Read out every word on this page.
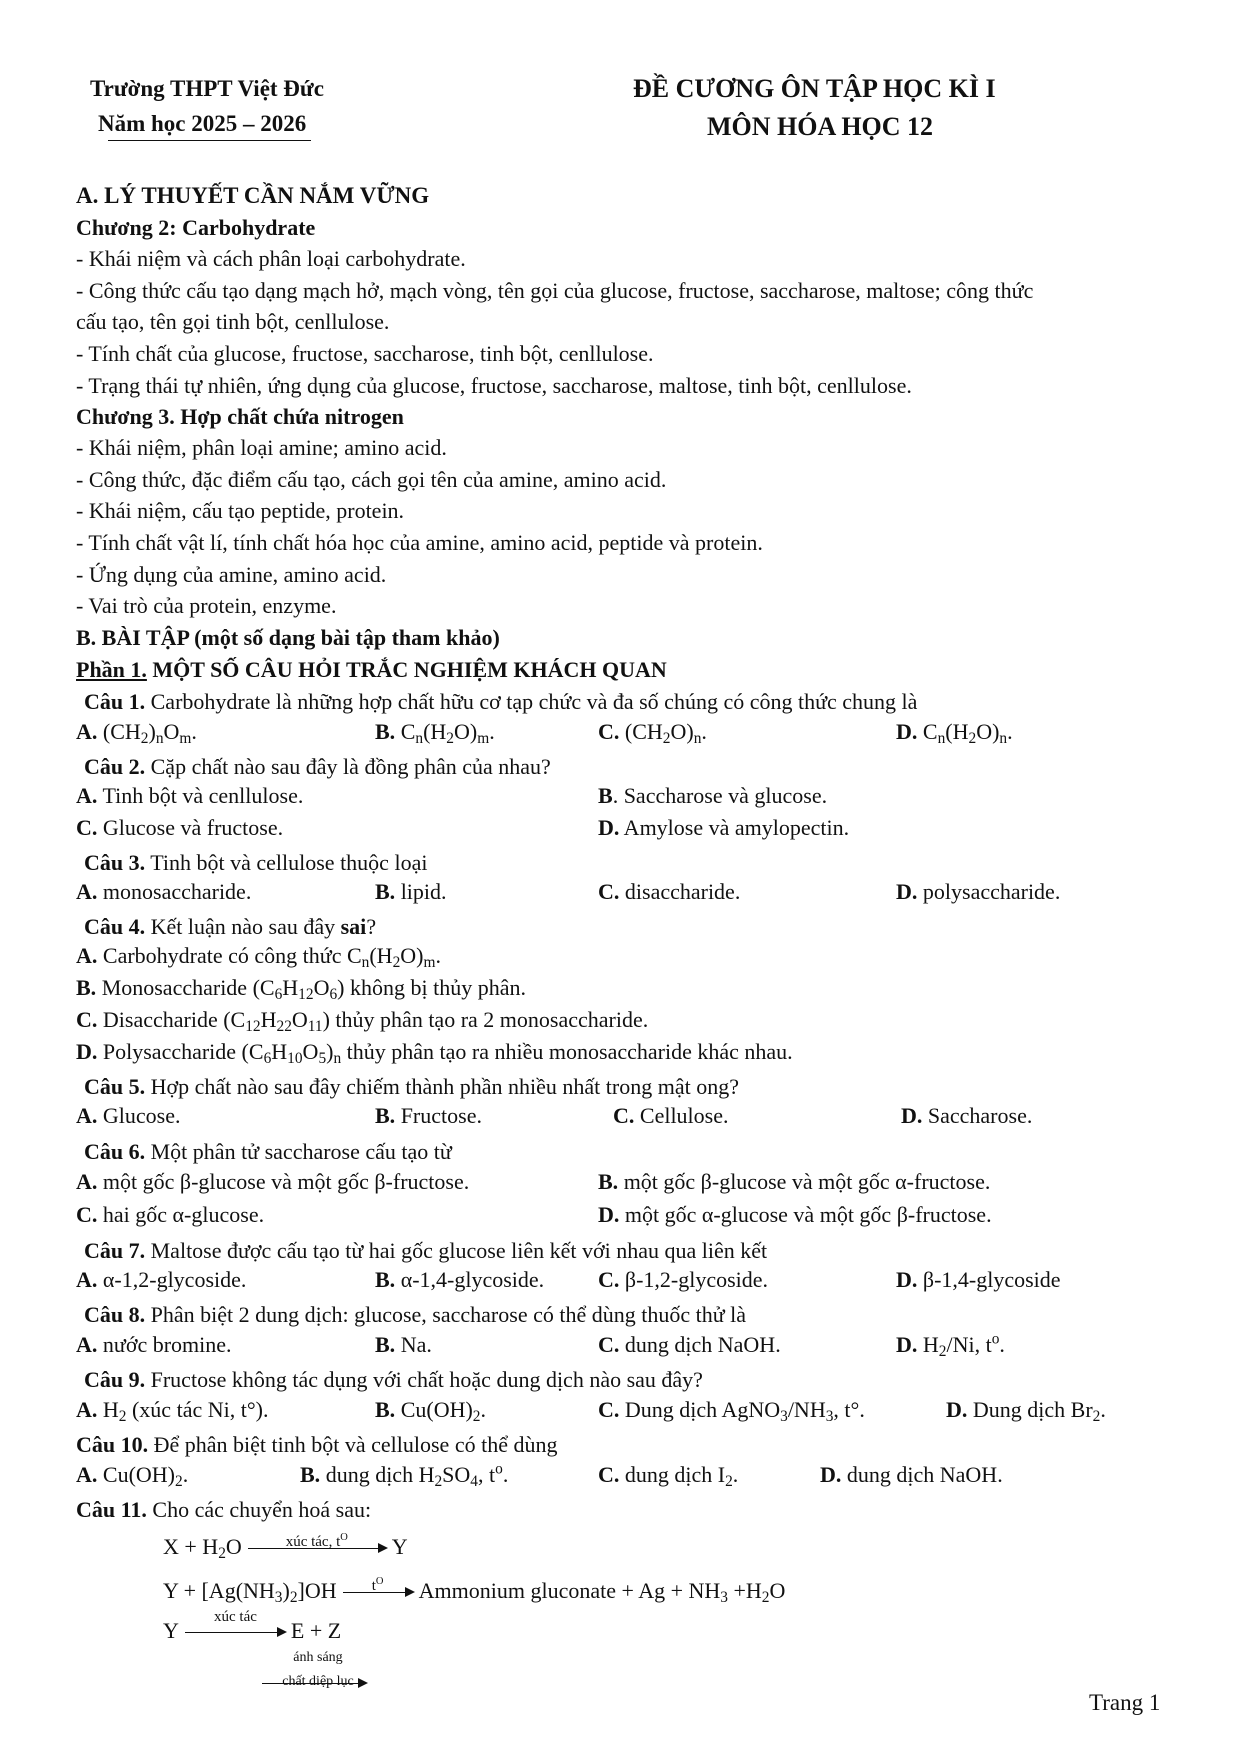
Trường THPT Việt Đức
Năm học 2025 – 2026
ĐỀ CƯƠNG ÔN TẬP HỌC KÌ I
MÔN HÓA HỌC 12
A. LÝ THUYẾT CẦN NẮM VỮNG
Chương 2: Carbohydrate
- Khái niệm và cách phân loại carbohydrate.
- Công thức cấu tạo dạng mạch hở, mạch vòng, tên gọi của glucose, fructose, saccharose, maltose; công thức
cấu tạo, tên gọi tinh bột, cenllulose.
- Tính chất của glucose, fructose, saccharose, tinh bột, cenllulose.
- Trạng thái tự nhiên, ứng dụng của glucose, fructose, saccharose, maltose, tinh bột, cenllulose.
Chương 3. Hợp chất chứa nitrogen
- Khái niệm, phân loại amine; amino acid.
- Công thức, đặc điểm cấu tạo, cách gọi tên của amine, amino acid.
- Khái niệm, cấu tạo peptide, protein.
- Tính chất vật lí, tính chất hóa học của amine, amino acid, peptide và protein.
- Ứng dụng của amine, amino acid.
- Vai trò của protein, enzyme.
B. BÀI TẬP (một số dạng bài tập tham khảo)
Phần 1. MỘT SỐ CÂU HỎI TRẮC NGHIỆM KHÁCH QUAN
Câu 1. Carbohydrate là những hợp chất hữu cơ tạp chức và đa số chúng có công thức chung là
A. $(CH_2)_nO_m$.	B. $C_n(H_2O)_m$.	C. $(CH_2O)_n$.	D. $C_n(H_2O)_n$.
Câu 2. Cặp chất nào sau đây là đồng phân của nhau?
A. Tinh bột và cenllulose.	B. Saccharose và glucose.
C. Glucose và fructose.	D. Amylose và amylopectin.
Câu 3. Tinh bột và cellulose thuộc loại
A. monosaccharide.	B. lipid.	C. disaccharide.	D. polysaccharide.
Câu 4. Kết luận nào sau đây sai?
A. Carbohydrate có công thức $C_n(H_2O)_m$.
B. Monosaccharide $(C_6H_{12}O_6)$ không bị thủy phân.
C. Disaccharide $(C_{12}H_{22}O_{11})$ thủy phân tạo ra 2 monosaccharide.
D. Polysaccharide $(C_6H_{10}O_5)_n$ thủy phân tạo ra nhiều monosaccharide khác nhau.
Câu 5. Hợp chất nào sau đây chiếm thành phần nhiều nhất trong mật ong?
A. Glucose.	B. Fructose.	C. Cellulose.	D. Saccharose.
Câu 6. Một phân tử saccharose cấu tạo từ
A. một gốc β-glucose và một gốc β-fructose.	B. một gốc β-glucose và một gốc α-fructose.
C. hai gốc α-glucose.	D. một gốc α-glucose và một gốc β-fructose.
Câu 7. Maltose được cấu tạo từ hai gốc glucose liên kết với nhau qua liên kết
A. α-1,2-glycoside.	B. α-1,4-glycoside. C. β-1,2-glycoside.	D. β-1,4-glycoside
Câu 8. Phân biệt 2 dung dịch: glucose, saccharose có thể dùng thuốc thử là
A. nước bromine.	B. Na.	C. dung dịch NaOH.	D. $H_2/Ni$, $t^o$.
Câu 9. Fructose không tác dụng với chất hoặc dung dịch nào sau đây?
A. $H_2$ (xúc tác Ni, t°).	B. $Cu(OH)_2$.	C. Dung dịch $AgNO_3/NH_3$, t°.	D. Dung dịch $Br_2$.
Câu 10. Để phân biệt tinh bột và cellulose có thể dùng
A. $Cu(OH)_2$.	B. dung dịch $H_2SO_4$, $t^o$.	C. dung dịch $I_2$.	D. dung dịch NaOH.
Câu 11. Cho các chuyển hoá sau:
$X + H_2O$	xúc tác, $t^O$	Y
$Y + [Ag(NH_3)_2]OH$	$t^O$	Ammonium gluconate + $Ag + NH_3 +H_2O$
Y	E + Z
xúc tác
ánh sáng
chất diệp lục
Trang 1
